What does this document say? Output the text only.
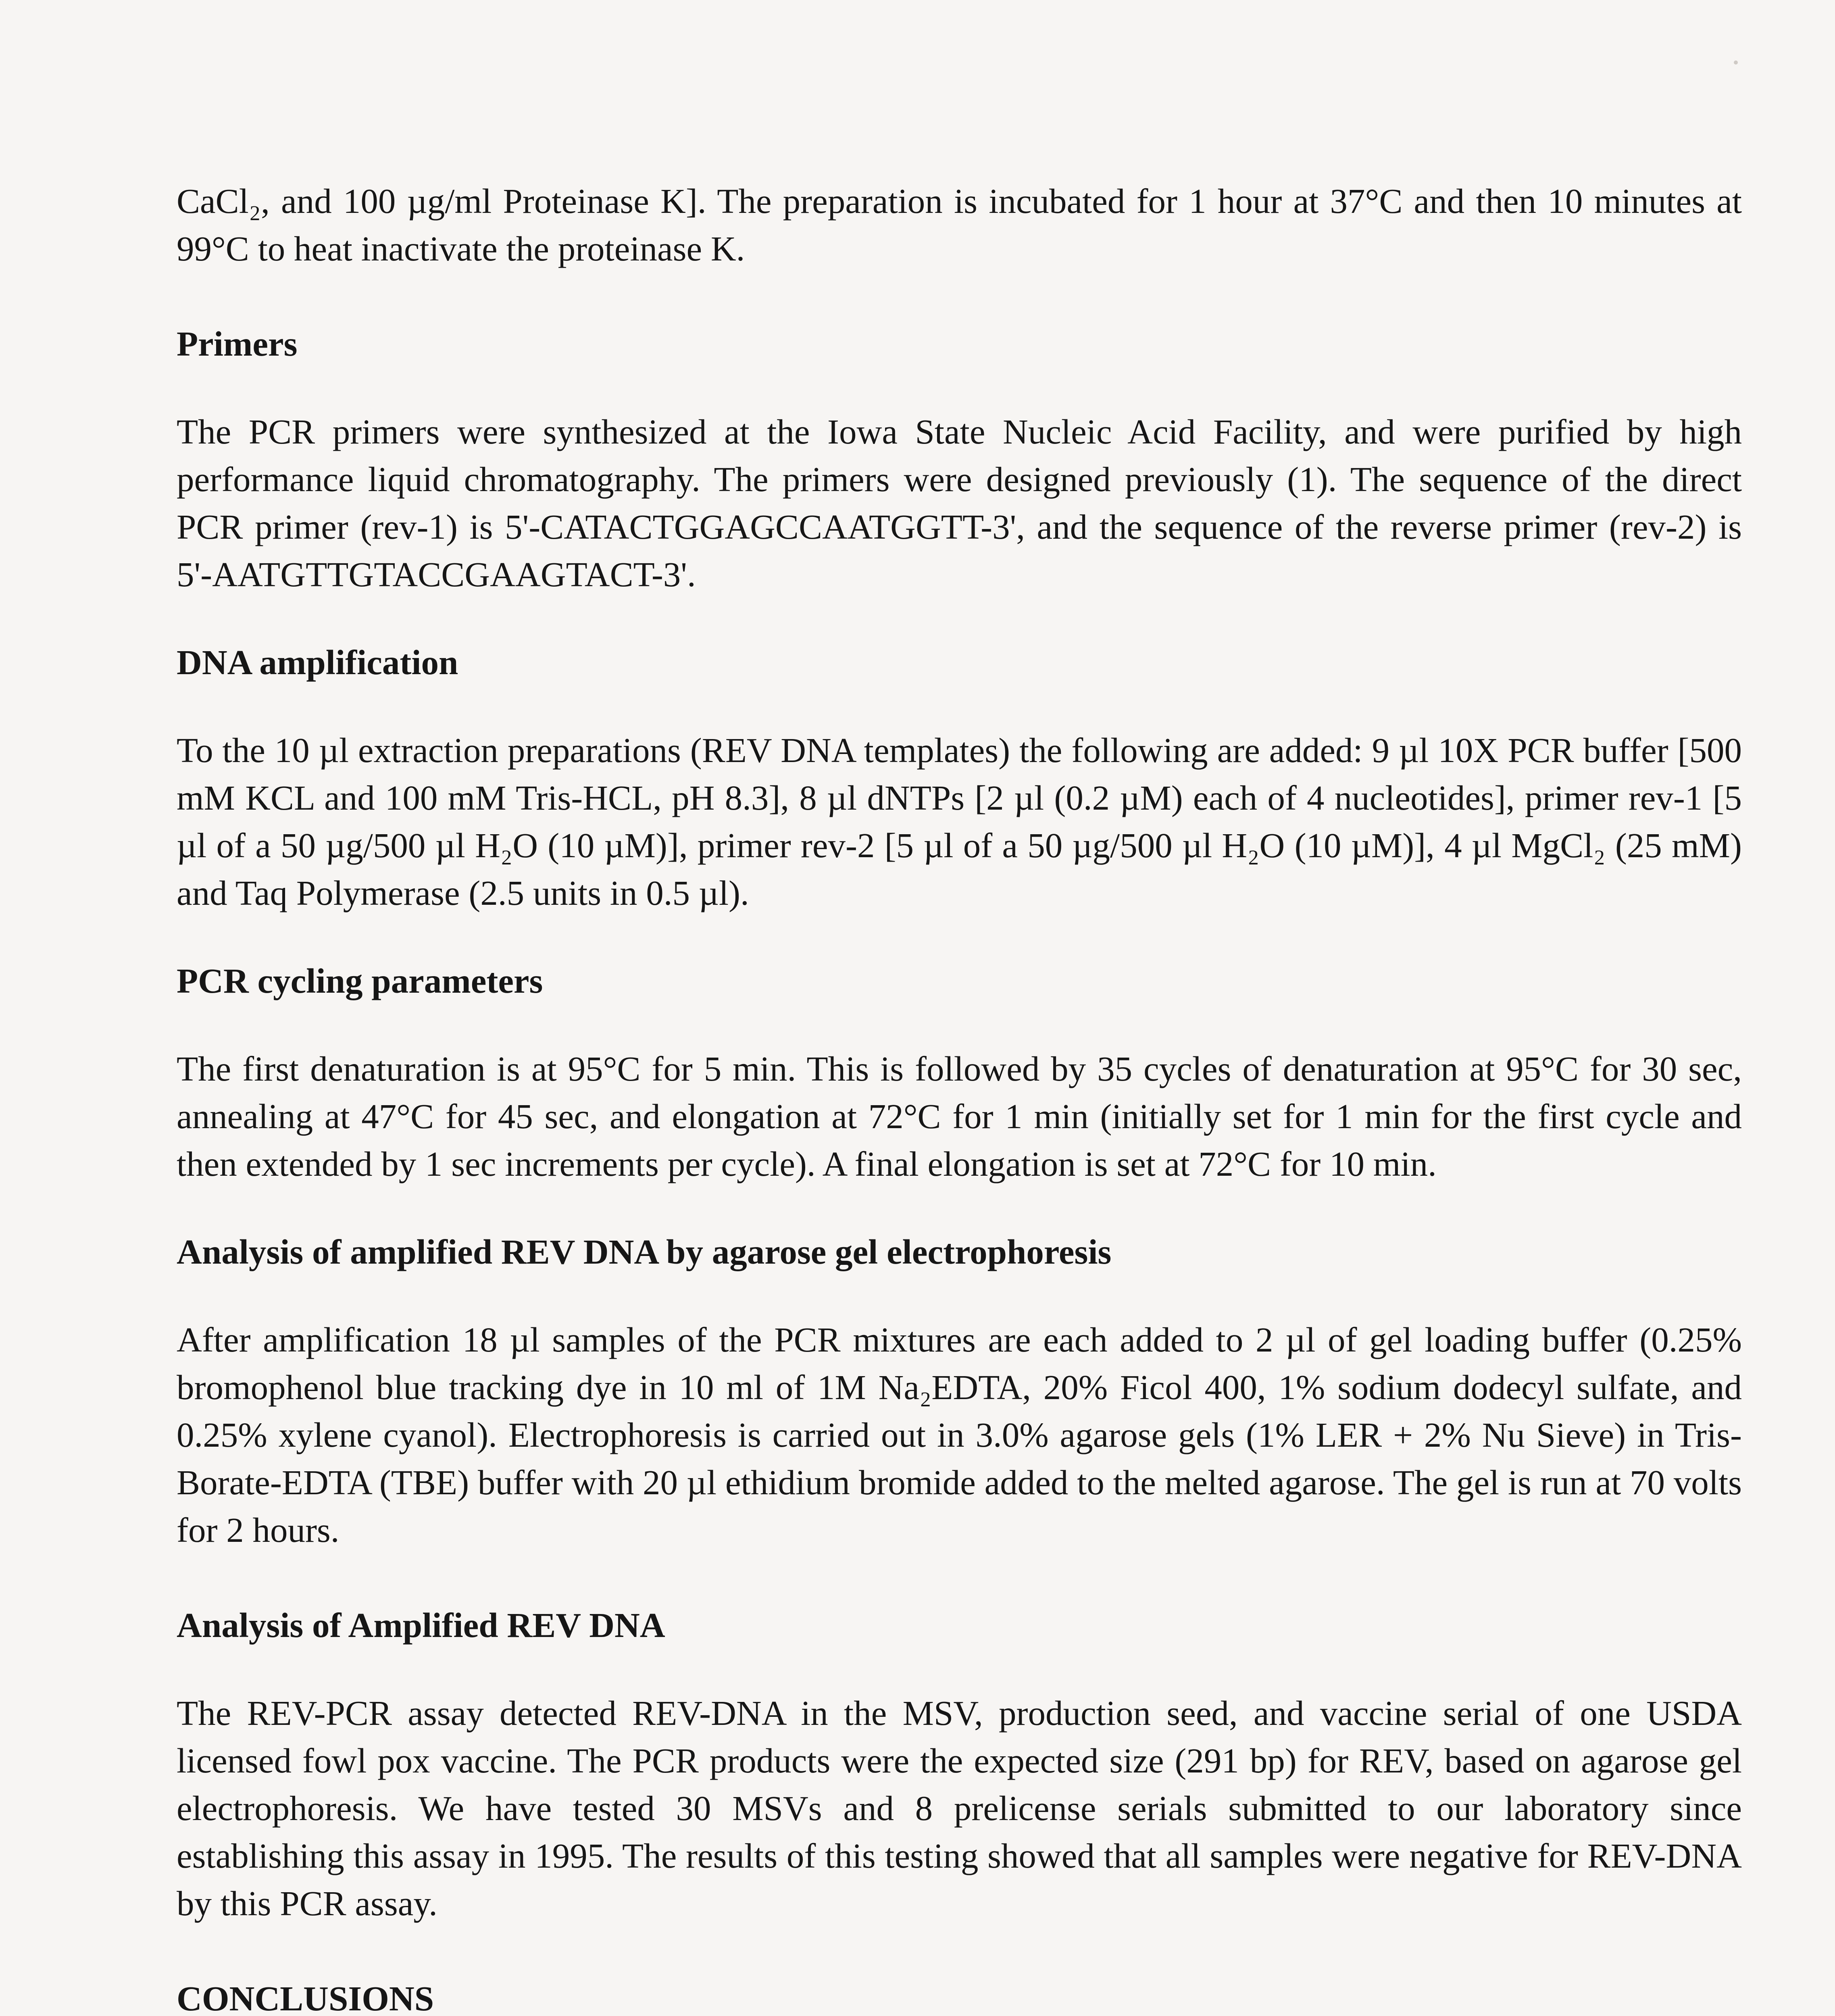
CaCl₂, and 100 µg/ml Proteinase K]. The preparation is incubated for 1 hour at 37°C and then 10 minutes at 99°C to heat inactivate the proteinase K.

Primers

The PCR primers were synthesized at the Iowa State Nucleic Acid Facility, and were purified by high performance liquid chromatography. The primers were designed previously (1). The sequence of the direct PCR primer (rev-1) is 5'-CATACTGGAGCCAATGGTT-3', and the sequence of the reverse primer (rev-2) is 5'-AATGTTGTACCGAAGTACT-3'.

DNA amplification

To the 10 µl extraction preparations (REV DNA templates) the following are added: 9 µl 10X PCR buffer [500 mM KCL and 100 mM Tris-HCL, pH 8.3], 8 µl dNTPs [2 µl (0.2 µM) each of 4 nucleotides], primer rev-1 [5 µl of a 50 µg/500 µl H₂O (10 µM)], primer rev-2 [5 µl of a 50 µg/500 µl H₂O (10 µM)], 4 µl MgCl₂ (25 mM) and Taq Polymerase (2.5 units in 0.5 µl).

PCR cycling parameters

The first denaturation is at 95°C for 5 min. This is followed by 35 cycles of denaturation at 95°C for 30 sec, annealing at 47°C for 45 sec, and elongation at 72°C for 1 min (initially set for 1 min for the first cycle and then extended by 1 sec increments per cycle). A final elongation is set at 72°C for 10 min.

Analysis of amplified REV DNA by agarose gel electrophoresis

After amplification 18 µl samples of the PCR mixtures are each added to 2 µl of gel loading buffer (0.25% bromophenol blue tracking dye in 10 ml of 1M Na₂EDTA, 20% Ficol 400, 1% sodium dodecyl sulfate, and 0.25% xylene cyanol). Electrophoresis is carried out in 3.0% agarose gels (1% LER + 2% Nu Sieve) in Tris-Borate-EDTA (TBE) buffer with 20 µl ethidium bromide added to the melted agarose. The gel is run at 70 volts for 2 hours.

Analysis of Amplified REV DNA

The REV-PCR assay detected REV-DNA in the MSV, production seed, and vaccine serial of one USDA licensed fowl pox vaccine. The PCR products were the expected size (291 bp) for REV, based on agarose gel electrophoresis. We have tested 30 MSVs and 8 prelicense serials submitted to our laboratory since establishing this assay in 1995. The results of this testing showed that all samples were negative for REV-DNA by this PCR assay.

CONCLUSIONS
